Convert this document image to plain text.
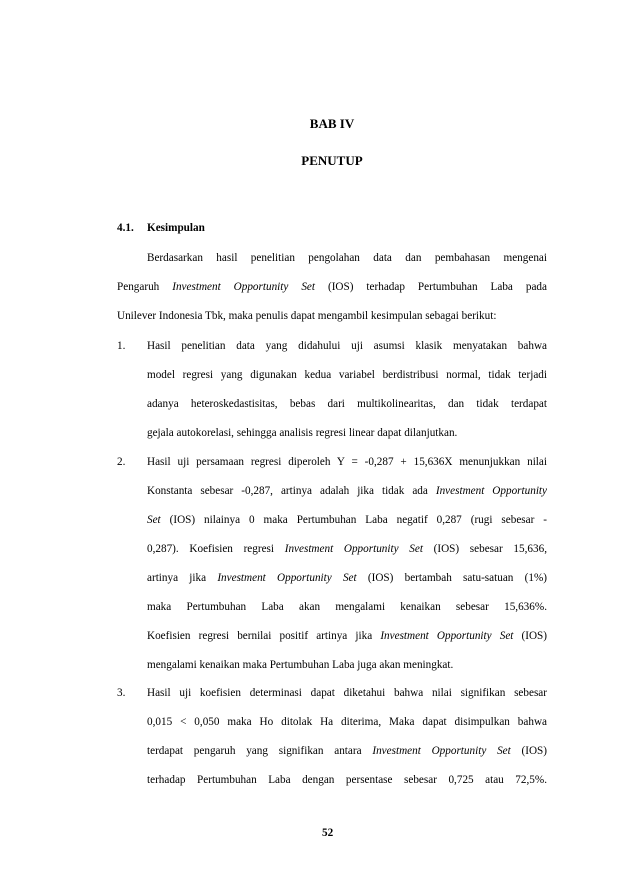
BAB IV
PENUTUP
4.1. Kesimpulan
Berdasarkan hasil penelitian pengolahan data dan pembahasan mengenai
Pengaruh Investment Opportunity Set (IOS) terhadap Pertumbuhan Laba pada
Unilever Indonesia Tbk, maka penulis dapat mengambil kesimpulan sebagai berikut:
1. Hasil penelitian data yang didahului uji asumsi klasik menyatakan bahwa
model regresi yang digunakan kedua variabel berdistribusi normal, tidak terjadi
adanya heteroskedastisitas, bebas dari multikolinearitas, dan tidak terdapat
gejala autokorelasi, sehingga analisis regresi linear dapat dilanjutkan.
2. Hasil uji persamaan regresi diperoleh Y = -0,287 + 15,636X menunjukkan nilai
Konstanta sebesar -0,287, artinya adalah jika tidak ada Investment Opportunity
Set (IOS) nilainya 0 maka Pertumbuhan Laba negatif 0,287 (rugi sebesar -
0,287). Koefisien regresi Investment Opportunity Set (IOS) sebesar 15,636,
artinya jika Investment Opportunity Set (IOS) bertambah satu-satuan (1%)
maka Pertumbuhan Laba akan mengalami kenaikan sebesar 15,636%.
Koefisien regresi bernilai positif artinya jika Investment Opportunity Set (IOS)
mengalami kenaikan maka Pertumbuhan Laba juga akan meningkat.
3. Hasil uji koefisien determinasi dapat diketahui bahwa nilai signifikan sebesar
0,015 < 0,050 maka Ho ditolak Ha diterima, Maka dapat disimpulkan bahwa
terdapat pengaruh yang signifikan antara Investment Opportunity Set (IOS)
terhadap Pertumbuhan Laba dengan persentase sebesar 0,725 atau 72,5%.
52
